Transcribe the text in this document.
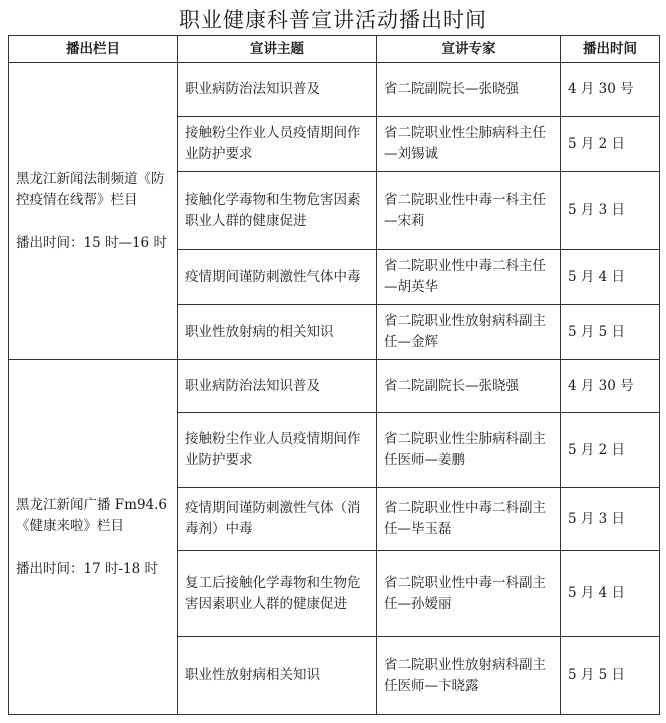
职业健康科普宣讲活动播出时间
播出栏目	宣讲主题	宣讲专家	播出时间

黑龙江新闻法制频道《防控疫情在线帮》栏目
播出时间：15 时—16 时	职业病防治法知识普及	省二院副院长—张晓强	4 月 30 号
	接触粉尘作业人员疫情期间作业防护要求	省二院职业性尘肺病科主任—刘锡诚	5 月 2 日
	接触化学毒物和生物危害因素职业人群的健康促进	省二院职业性中毒一科主任—宋莉	5 月 3 日
	疫情期间谨防刺激性气体中毒	省二院职业性中毒二科主任—胡英华	5 月 4 日
	职业性放射病的相关知识	省二院职业性放射病科副主任—金辉	5 月 5 日

黑龙江新闻广播 Fm94.6《健康来啦》栏目
播出时间：17 时-18 时	职业病防治法知识普及	省二院副院长—张晓强	4 月 30 号
	接触粉尘作业人员疫情期间作业防护要求	省二院职业性尘肺病科副主任医师—姜鹏	5 月 2 日
	疫情期间谨防刺激性气体（消毒剂）中毒	省二院职业性中毒二科副主任—毕玉磊	5 月 3 日
	复工后接触化学毒物和生物危害因素职业人群的健康促进	省二院职业性中毒一科副主任—孙嫒丽	5 月 4 日
	职业性放射病相关知识	省二院职业性放射病科副主任医师—卞晓露	5 月 5 日
